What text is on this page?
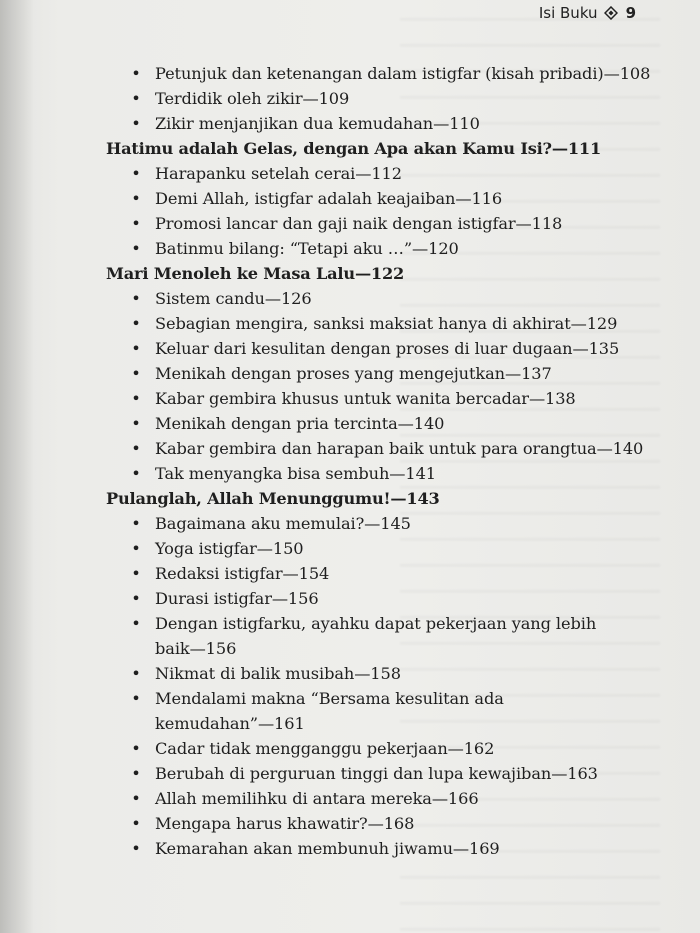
Isi Buku 9
• Petunjuk dan ketenangan dalam istigfar (kisah pribadi)—108
• Terdidik oleh zikir—109
• Zikir menjanjikan dua kemudahan—110
Hatimu adalah Gelas, dengan Apa akan Kamu Isi?—111
• Harapanku setelah cerai—112
• Demi Allah, istigfar adalah keajaiban—116
• Promosi lancar dan gaji naik dengan istigfar—118
• Batinmu bilang: “Tetapi aku …”—120
Mari Menoleh ke Masa Lalu—122
• Sistem candu—126
• Sebagian mengira, sanksi maksiat hanya di akhirat—129
• Keluar dari kesulitan dengan proses di luar dugaan—135
• Menikah dengan proses yang mengejutkan—137
• Kabar gembira khusus untuk wanita bercadar—138
• Menikah dengan pria tercinta—140
• Kabar gembira dan harapan baik untuk para orangtua—140
• Tak menyangka bisa sembuh—141
Pulanglah, Allah Menunggumu!—143
• Bagaimana aku memulai?—145
• Yoga istigfar—150
• Redaksi istigfar—154
• Durasi istigfar—156
• Dengan istigfarku, ayahku dapat pekerjaan yang lebih
baik—156
• Nikmat di balik musibah—158
• Mendalami makna “Bersama kesulitan ada
kemudahan”—161
• Cadar tidak mengganggu pekerjaan—162
• Berubah di perguruan tinggi dan lupa kewajiban—163
• Allah memilihku di antara mereka—166
• Mengapa harus khawatir?—168
• Kemarahan akan membunuh jiwamu—169
